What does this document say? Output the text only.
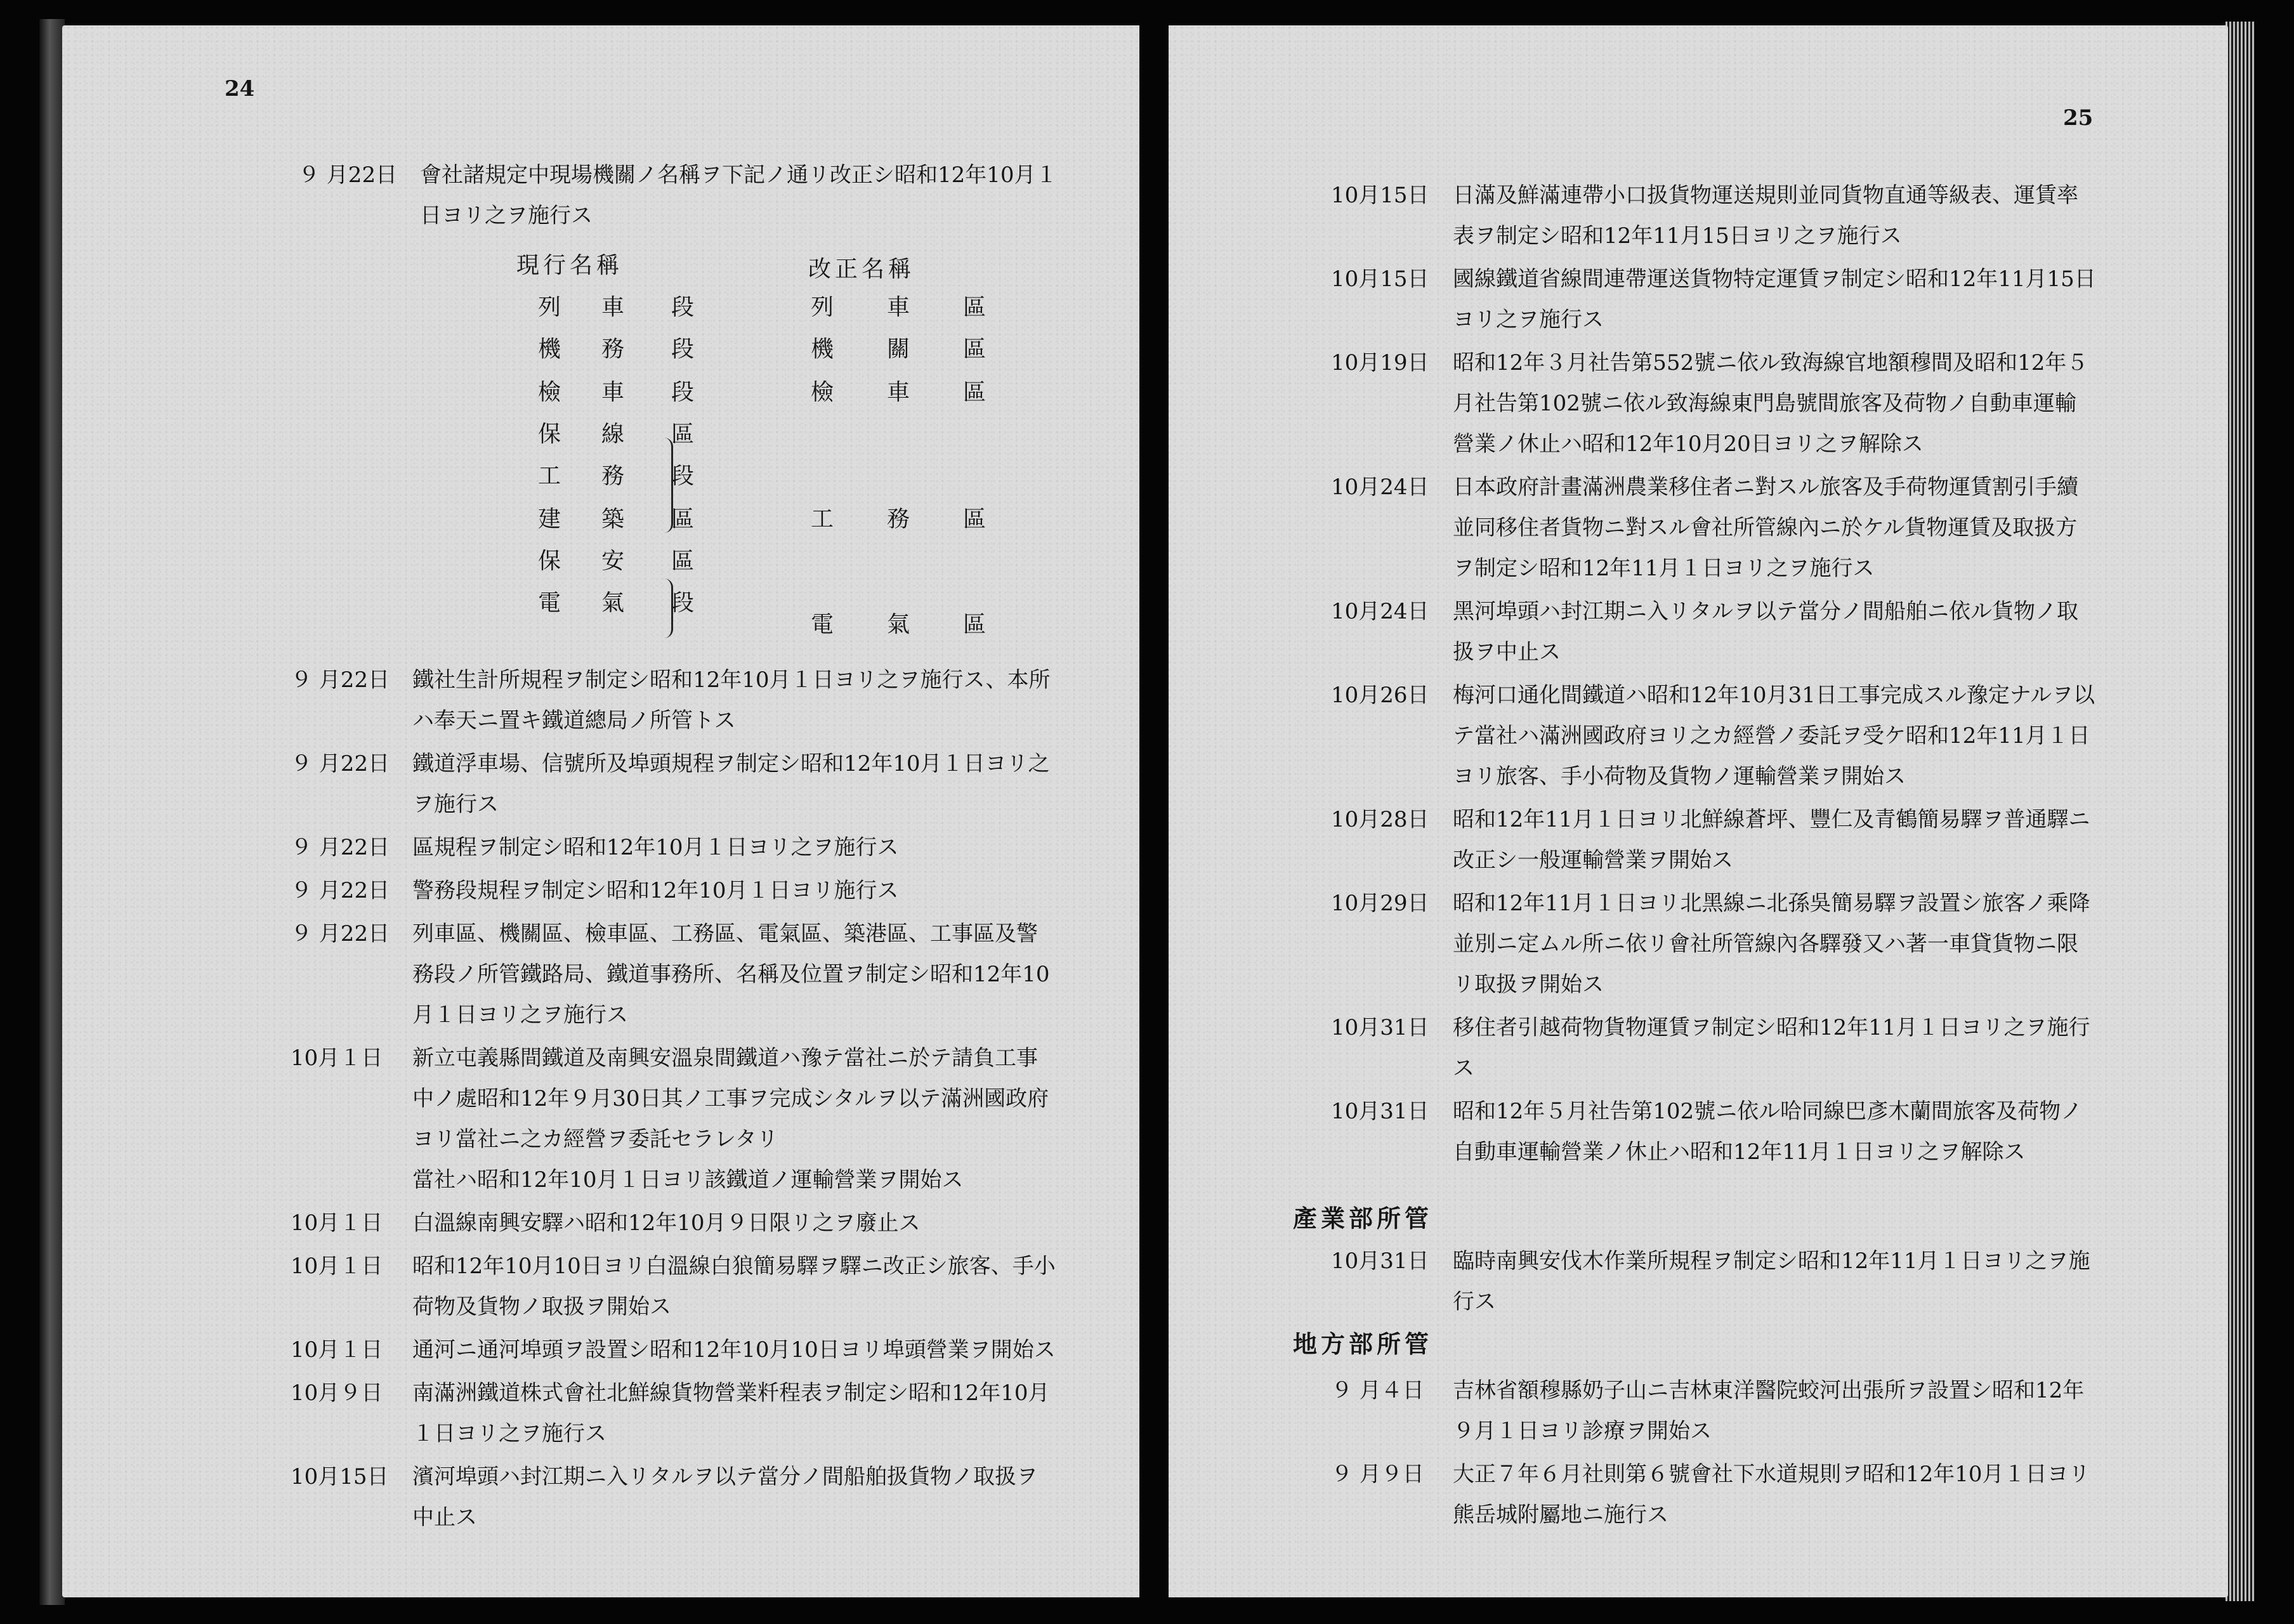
24
９ 月22日 會社諸規定中現場機關ノ名稱ヲ下記ノ通リ改正シ昭和12年10月１
日ヨリ之ヲ施行ス
現行名稱	改正名稱
列 車 段
機 務 段
檢 車 段
保 線 區
工 務 段
建 築 區
保 安 區
電 氣 段
列 車 區
機 關 區
檢 車 區
工 務 區
電 氣 區
９ 月22日 鐵社生計所規程ヲ制定シ昭和12年10月１日ヨリ之ヲ施行ス、本所
ハ奉天ニ置キ鐵道總局ノ所管トス
９ 月22日 鐵道浮車場、信號所及埠頭規程ヲ制定シ昭和12年10月１日ヨリ之
ヲ施行ス
９ 月22日 區規程ヲ制定シ昭和12年10月１日ヨリ之ヲ施行ス
９ 月22日 警務段規程ヲ制定シ昭和12年10月１日ヨリ施行ス
９ 月22日 列車區、機關區、檢車區、工務區、電氣區、築港區、工事區及警
務段ノ所管鐵路局、鐵道事務所、名稱及位置ヲ制定シ昭和12年10
月１日ヨリ之ヲ施行ス
10月１日 新立屯義縣間鐵道及南興安溫泉間鐵道ハ豫テ當社ニ於テ請負工事
中ノ處昭和12年９月30日其ノ工事ヲ完成シタルヲ以テ滿洲國政府
ヨリ當社ニ之カ經營ヲ委託セラレタリ
當社ハ昭和12年10月１日ヨリ該鐵道ノ運輸營業ヲ開始ス
10月１日 白溫線南興安驛ハ昭和12年10月９日限リ之ヲ廢止ス
10月１日 昭和12年10月10日ヨリ白溫線白狼簡易驛ヲ驛ニ改正シ旅客、手小
荷物及貨物ノ取扱ヲ開始ス
10月１日 通河ニ通河埠頭ヲ設置シ昭和12年10月10日ヨリ埠頭營業ヲ開始ス
10月９日 南滿洲鐵道株式會社北鮮線貨物營業粁程表ヲ制定シ昭和12年10月
１日ヨリ之ヲ施行ス
10月15日 濱河埠頭ハ封江期ニ入リタルヲ以テ當分ノ間船舶扱貨物ノ取扱ヲ
中止ス
25
10月15日 日滿及鮮滿連帶小口扱貨物運送規則並同貨物直通等級表、運賃率
表ヲ制定シ昭和12年11月15日ヨリ之ヲ施行ス
10月15日 國線鐵道省線間連帶運送貨物特定運賃ヲ制定シ昭和12年11月15日
ヨリ之ヲ施行ス
10月19日 昭和12年３月社告第552號ニ依ル致海線官地額穆間及昭和12年５
月社告第102號ニ依ル致海線東門島號間旅客及荷物ノ自動車運輸
營業ノ休止ハ昭和12年10月20日ヨリ之ヲ解除ス
10月24日 日本政府計畫滿洲農業移住者ニ對スル旅客及手荷物運賃割引手續
並同移住者貨物ニ對スル會社所管線內ニ於ケル貨物運賃及取扱方
ヲ制定シ昭和12年11月１日ヨリ之ヲ施行ス
10月24日 黑河埠頭ハ封江期ニ入リタルヲ以テ當分ノ間船舶ニ依ル貨物ノ取
扱ヲ中止ス
10月26日 梅河口通化間鐵道ハ昭和12年10月31日工事完成スル豫定ナルヲ以
テ當社ハ滿洲國政府ヨリ之カ經營ノ委託ヲ受ケ昭和12年11月１日
ヨリ旅客、手小荷物及貨物ノ運輸營業ヲ開始ス
10月28日 昭和12年11月１日ヨリ北鮮線蒼坪、豐仁及青鶴簡易驛ヲ普通驛ニ
改正シ一般運輸營業ヲ開始ス
10月29日 昭和12年11月１日ヨリ北黑線ニ北孫吳簡易驛ヲ設置シ旅客ノ乘降
並別ニ定ムル所ニ依リ會社所管線內各驛發又ハ著一車貸貨物ニ限
リ取扱ヲ開始ス
10月31日 移住者引越荷物貨物運賃ヲ制定シ昭和12年11月１日ヨリ之ヲ施行
ス
10月31日 昭和12年５月社告第102號ニ依ル哈同線巴彥木蘭間旅客及荷物ノ
自動車運輸營業ノ休止ハ昭和12年11月１日ヨリ之ヲ解除ス
產業部所管
10月31日 臨時南興安伐木作業所規程ヲ制定シ昭和12年11月１日ヨリ之ヲ施
行ス
地方部所管
９ 月４日 吉林省額穆縣奶子山ニ吉林東洋醫院蛟河出張所ヲ設置シ昭和12年
９月１日ヨリ診療ヲ開始ス
９ 月９日 大正７年６月社則第６號會社下水道規則ヲ昭和12年10月１日ヨリ
熊岳城附屬地ニ施行ス
